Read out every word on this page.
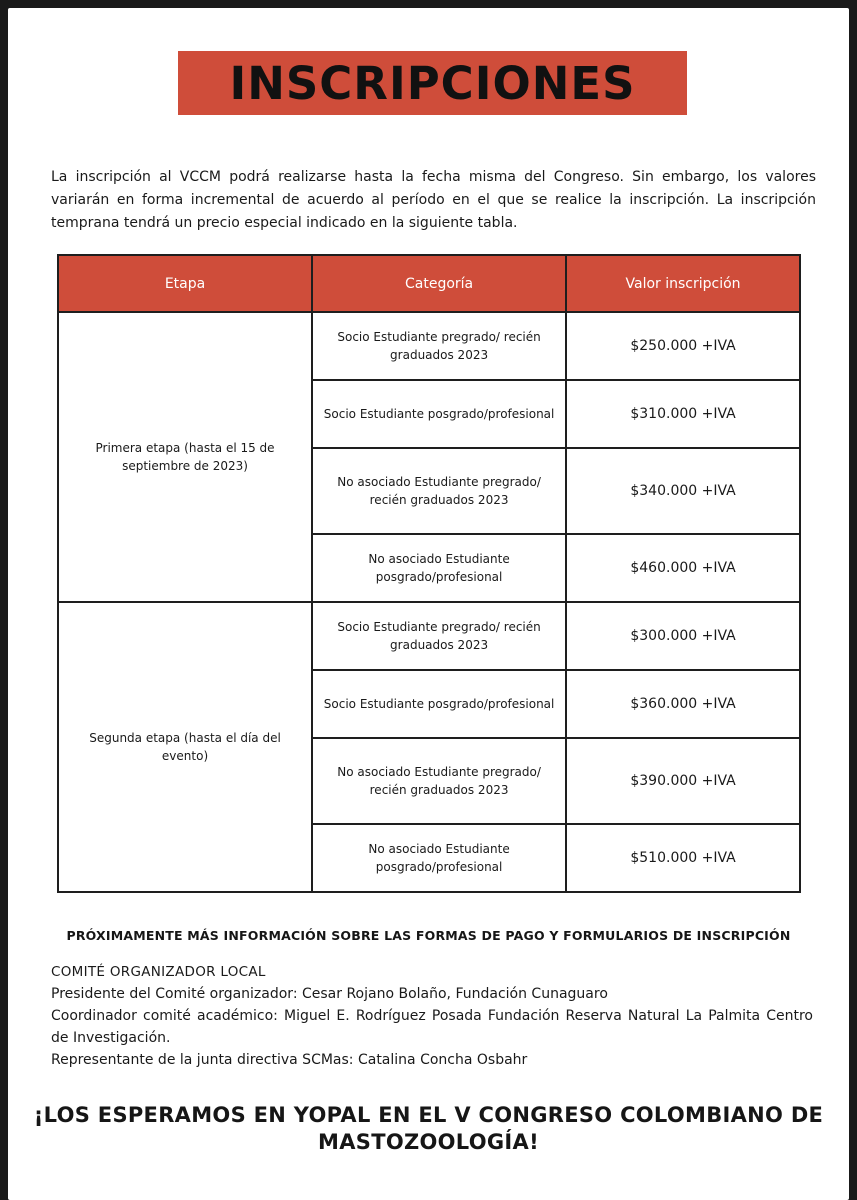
INSCRIPCIONES

La inscripción al VCCM podrá realizarse hasta la fecha misma del Congreso. Sin embargo, los valores variarán en forma incremental de acuerdo al período en el que se realice la inscripción. La inscripción temprana tendrá un precio especial indicado en la siguiente tabla.

Etapa	Categoría	Valor inscripción
Primera etapa (hasta el 15 de septiembre de 2023)	Socio Estudiante pregrado/ recién graduados 2023	$250.000 +IVA
	Socio Estudiante posgrado/profesional	$310.000 +IVA
	No asociado Estudiante pregrado/ recién graduados 2023	$340.000 +IVA
	No asociado Estudiante posgrado/profesional	$460.000 +IVA
Segunda etapa (hasta el día del evento)	Socio Estudiante pregrado/ recién graduados 2023	$300.000 +IVA
	Socio Estudiante posgrado/profesional	$360.000 +IVA
	No asociado Estudiante pregrado/ recién graduados 2023	$390.000 +IVA
	No asociado Estudiante posgrado/profesional	$510.000 +IVA
PRÓXIMAMENTE MÁS INFORMACIÓN SOBRE LAS FORMAS DE PAGO Y FORMULARIOS DE INSCRIPCIÓN
COMITÉ ORGANIZADOR LOCAL
Presidente del Comité organizador: Cesar Rojano Bolaño, Fundación Cunaguaro
Coordinador comité académico: Miguel E. Rodríguez Posada Fundación Reserva Natural La Palmita Centro de Investigación.
Representante de la junta directiva SCMas: Catalina Concha Osbahr
¡LOS ESPERAMOS EN YOPAL EN EL V CONGRESO COLOMBIANO DE MASTOZOOLOGÍA!
